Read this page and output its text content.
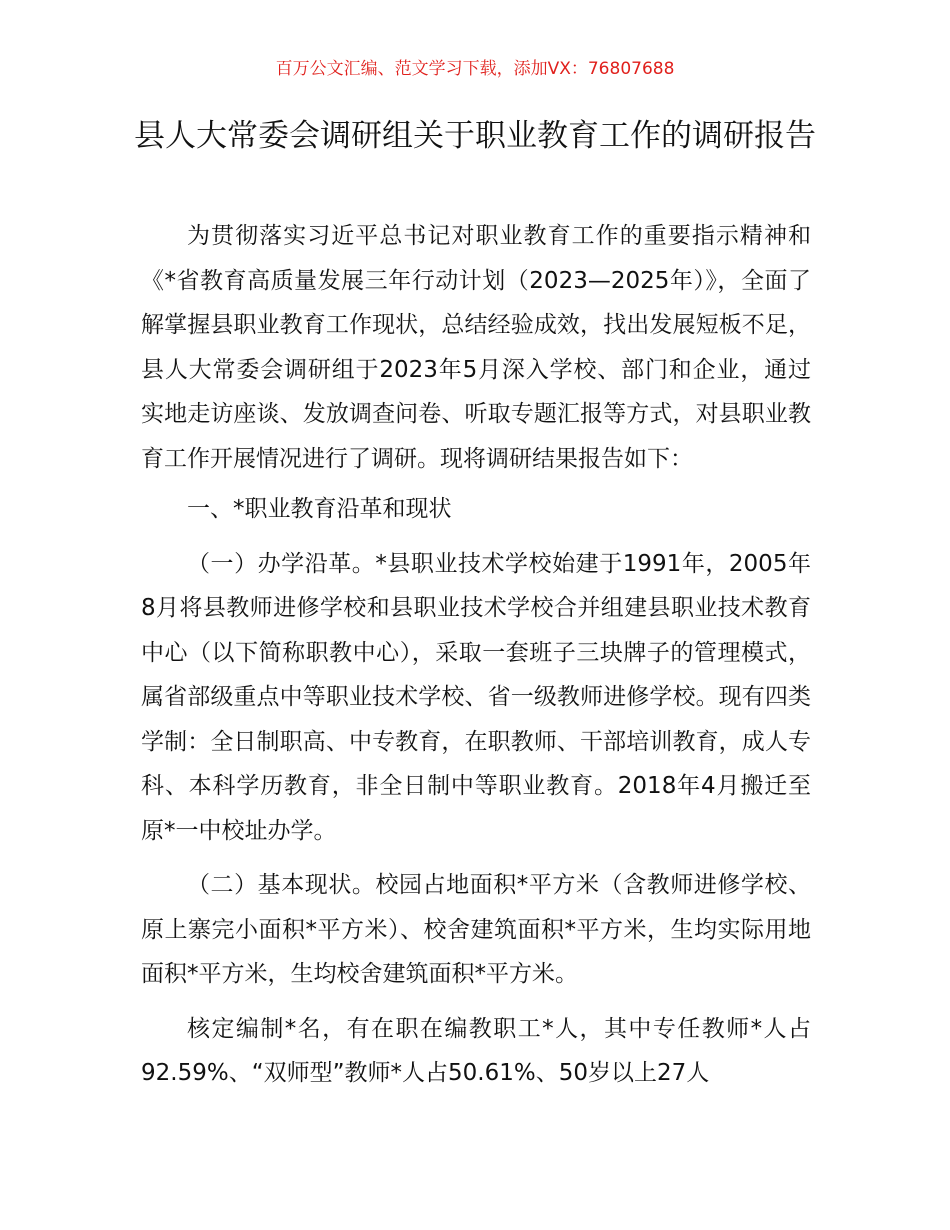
百万公文汇编、范文学习下载，添加VX：76807688
县人大常委会调研组关于职业教育工作的调研报告

为贯彻落实习近平总书记对职业教育工作的重要指示精神和《*省教育高质量发展三年行动计划（2023—2025年）》，全面了解掌握县职业教育工作现状，总结经验成效，找出发展短板不足，县人大常委会调研组于2023年5月深入学校、部门和企业，通过实地走访座谈、发放调查问卷、听取专题汇报等方式，对县职业教育工作开展情况进行了调研。现将调研结果报告如下：

一、*职业教育沿革和现状

（一）办学沿革。*县职业技术学校始建于1991年，2005年8月将县教师进修学校和县职业技术学校合并组建县职业技术教育中心（以下简称职教中心），采取一套班子三块牌子的管理模式，属省部级重点中等职业技术学校、省一级教师进修学校。现有四类学制：全日制职高、中专教育，在职教师、干部培训教育，成人专科、本科学历教育，非全日制中等职业教育。2018年4月搬迁至原*一中校址办学。

（二）基本现状。校园占地面积*平方米（含教师进修学校、原上寨完小面积*平方米）、校舍建筑面积*平方米，生均实际用地面积*平方米，生均校舍建筑面积*平方米。

核定编制*名，有在职在编教职工*人，其中专任教师*人占92.59%、“双师型”教师*人占50.61%、50岁以上27人
